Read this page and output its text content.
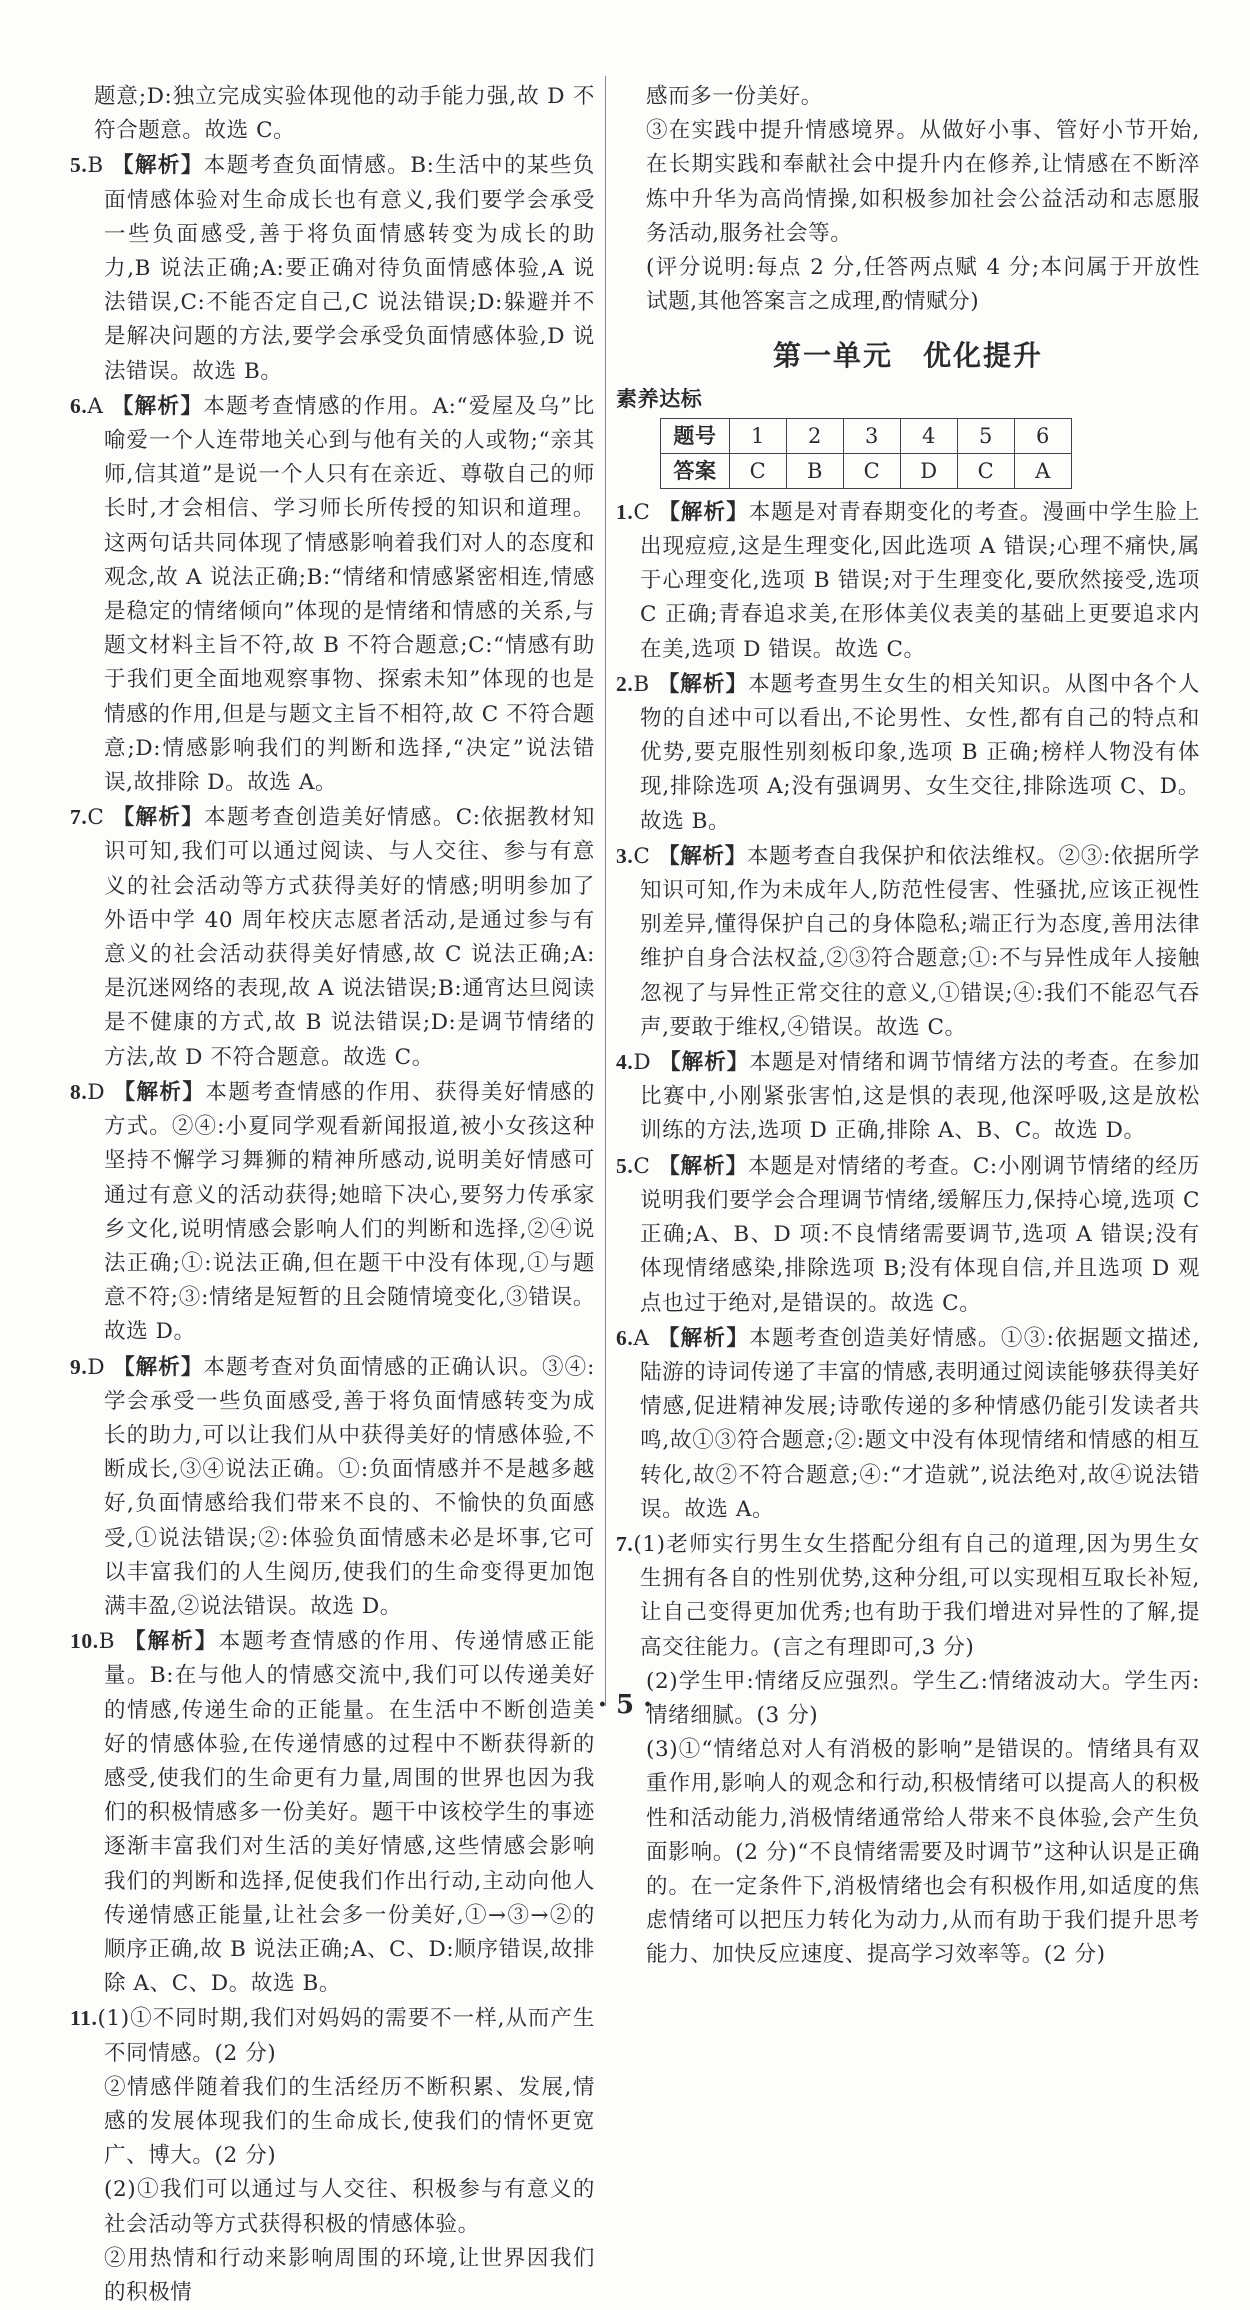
题意;D:独立完成实验体现他的动手能力强,故 D 不符合题意。故选 C。

5.B 【解析】本题考查负面情感。B:生活中的某些负面情感体验对生命成长也有意义,我们要学会承受一些负面感受,善于将负面情感转变为成长的助力,B 说法正确;A:要正确对待负面情感体验,A 说法错误,C:不能否定自己,C 说法错误;D:躲避并不是解决问题的方法,要学会承受负面情感体验,D 说法错误。故选 B。

6.A 【解析】本题考查情感的作用。A:“爱屋及乌”比喻爱一个人连带地关心到与他有关的人或物;“亲其师,信其道”是说一个人只有在亲近、尊敬自己的师长时,才会相信、学习师长所传授的知识和道理。这两句话共同体现了情感影响着我们对人的态度和观念,故 A 说法正确;B:“情绪和情感紧密相连,情感是稳定的情绪倾向”体现的是情绪和情感的关系,与题文材料主旨不符,故 B 不符合题意;C:“情感有助于我们更全面地观察事物、探索未知”体现的也是情感的作用,但是与题文主旨不相符,故 C 不符合题意;D:情感影响我们的判断和选择,“决定”说法错误,故排除 D。故选 A。

7.C 【解析】本题考查创造美好情感。C:依据教材知识可知,我们可以通过阅读、与人交往、参与有意义的社会活动等方式获得美好的情感;明明参加了外语中学 40 周年校庆志愿者活动,是通过参与有意义的社会活动获得美好情感,故 C 说法正确;A:是沉迷网络的表现,故 A 说法错误;B:通宵达旦阅读是不健康的方式,故 B 说法错误;D:是调节情绪的方法,故 D 不符合题意。故选 C。

8.D 【解析】本题考查情感的作用、获得美好情感的方式。②④:小夏同学观看新闻报道,被小女孩这种坚持不懈学习舞狮的精神所感动,说明美好情感可通过有意义的活动获得;她暗下决心,要努力传承家乡文化,说明情感会影响人们的判断和选择,②④说法正确;①:说法正确,但在题干中没有体现,①与题意不符;③:情绪是短暂的且会随情境变化,③错误。故选 D。

9.D 【解析】本题考查对负面情感的正确认识。③④:学会承受一些负面感受,善于将负面情感转变为成长的助力,可以让我们从中获得美好的情感体验,不断成长,③④说法正确。①:负面情感并不是越多越好,负面情感给我们带来不良的、不愉快的负面感受,①说法错误;②:体验负面情感未必是坏事,它可以丰富我们的人生阅历,使我们的生命变得更加饱满丰盈,②说法错误。故选 D。

10.B 【解析】本题考查情感的作用、传递情感正能量。B:在与他人的情感交流中,我们可以传递美好的情感,传递生命的正能量。在生活中不断创造美好的情感体验,在传递情感的过程中不断获得新的感受,使我们的生命更有力量,周围的世界也因为我们的积极情感多一份美好。题干中该校学生的事迹逐渐丰富我们对生活的美好情感,这些情感会影响我们的判断和选择,促使我们作出行动,主动向他人传递情感正能量,让社会多一份美好,①→③→②的顺序正确,故 B 说法正确;A、C、D:顺序错误,故排除 A、C、D。故选 B。

11.(1)①不同时期,我们对妈妈的需要不一样,从而产生不同情感。(2 分)

②情感伴随着我们的生活经历不断积累、发展,情感的发展体现我们的生命成长,使我们的情怀更宽广、博大。(2 分)

(2)①我们可以通过与人交往、积极参与有意义的社会活动等方式获得积极的情感体验。

②用热情和行动来影响周围的环境,让世界因我们的积极情

感而多一份美好。

③在实践中提升情感境界。从做好小事、管好小节开始,在长期实践和奉献社会中提升内在修养,让情感在不断淬炼中升华为高尚情操,如积极参加社会公益活动和志愿服务活动,服务社会等。

(评分说明:每点 2 分,任答两点赋 4 分;本问属于开放性试题,其他答案言之成理,酌情赋分)

第一单元　优化提升

素养达标

题号	1	2	3	4	5	6
答案	C	B	C	D	C	A

1.C 【解析】本题是对青春期变化的考查。漫画中学生脸上出现痘痘,这是生理变化,因此选项 A 错误;心理不痛快,属于心理变化,选项 B 错误;对于生理变化,要欣然接受,选项 C 正确;青春追求美,在形体美仪表美的基础上更要追求内在美,选项 D 错误。故选 C。

2.B 【解析】本题考查男生女生的相关知识。从图中各个人物的自述中可以看出,不论男性、女性,都有自己的特点和优势,要克服性别刻板印象,选项 B 正确;榜样人物没有体现,排除选项 A;没有强调男、女生交往,排除选项 C、D。故选 B。

3.C 【解析】本题考查自我保护和依法维权。②③:依据所学知识可知,作为未成年人,防范性侵害、性骚扰,应该正视性别差异,懂得保护自己的身体隐私;端正行为态度,善用法律维护自身合法权益,②③符合题意;①:不与异性成年人接触忽视了与异性正常交往的意义,①错误;④:我们不能忍气吞声,要敢于维权,④错误。故选 C。

4.D 【解析】本题是对情绪和调节情绪方法的考查。在参加比赛中,小刚紧张害怕,这是惧的表现,他深呼吸,这是放松训练的方法,选项 D 正确,排除 A、B、C。故选 D。

5.C 【解析】本题是对情绪的考查。C:小刚调节情绪的经历说明我们要学会合理调节情绪,缓解压力,保持心境,选项 C 正确;A、B、D 项:不良情绪需要调节,选项 A 错误;没有体现情绪感染,排除选项 B;没有体现自信,并且选项 D 观点也过于绝对,是错误的。故选 C。

6.A 【解析】本题考查创造美好情感。①③:依据题文描述,陆游的诗词传递了丰富的情感,表明通过阅读能够获得美好情感,促进精神发展;诗歌传递的多种情感仍能引发读者共鸣,故①③符合题意;②:题文中没有体现情绪和情感的相互转化,故②不符合题意;④:“才造就”,说法绝对,故④说法错误。故选 A。

7.(1)老师实行男生女生搭配分组有自己的道理,因为男生女生拥有各自的性别优势,这种分组,可以实现相互取长补短,让自己变得更加优秀;也有助于我们增进对异性的了解,提高交往能力。(言之有理即可,3 分)

(2)学生甲:情绪反应强烈。学生乙:情绪波动大。学生丙:情绪细腻。(3 分)

(3)①“情绪总对人有消极的影响”是错误的。情绪具有双重作用,影响人的观念和行动,积极情绪可以提高人的积极性和活动能力,消极情绪通常给人带来不良体验,会产生负面影响。(2 分)“不良情绪需要及时调节”这种认识是正确的。在一定条件下,消极情绪也会有积极作用,如适度的焦虑情绪可以把压力转化为动力,从而有助于我们提升思考能力、加快反应速度、提高学习效率等。(2 分)

· 5 ·
